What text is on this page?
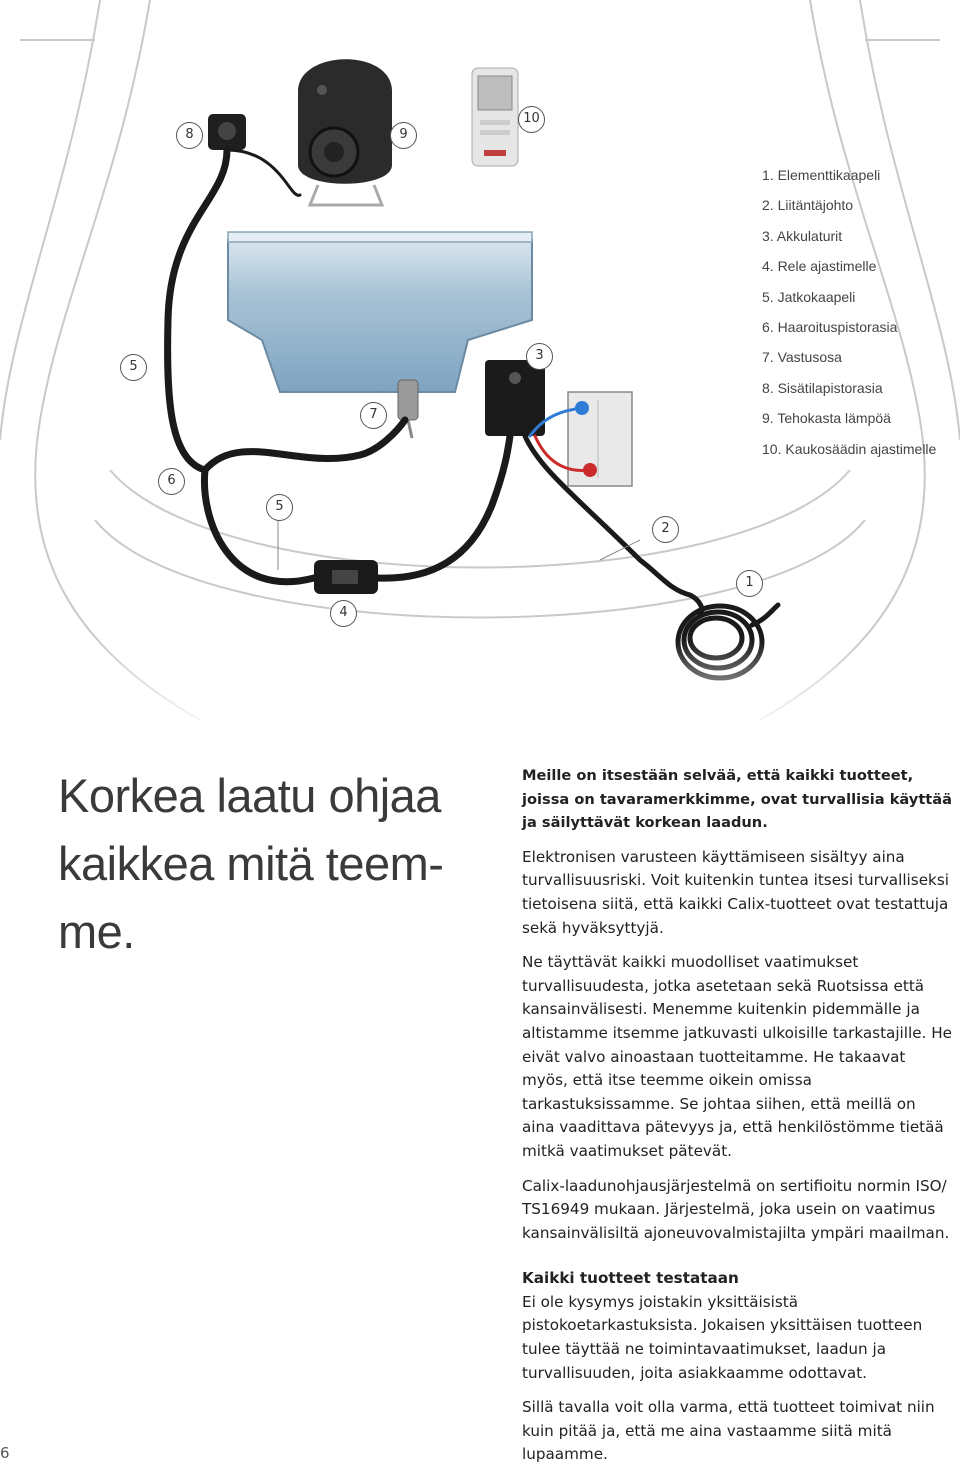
8	9
10
5
3
7
6
5
2
1
4
1. Elementtikaapeli
2. Liitäntäjohto
3. Akkulaturit
4. Rele ajastimelle
5. Jatkokaapeli
6. Haaroituspistorasia
7. Vastusosa
8. Sisätilapistorasia
9. Tehokasta lämpöä
10. Kaukosäädin ajastimelle
Korkea laatu ohjaa kaikkea mitä teem-me.

Meille on itsestään selvää, että kaikki tuotteet, joissa on tavaramerkkimme, ovat turvallisia käyttää ja säilyttävät korkean laadun.

Elektronisen varusteen käyttämiseen sisältyy aina turvallisuusriski. Voit kuitenkin tuntea itsesi turvalliseksi tietoisena siitä, että kaikki Calix-tuotteet ovat testattuja sekä hyväksyttyjä.

Ne täyttävät kaikki muodolliset vaatimukset turvallisuudesta, jotka asetetaan sekä Ruotsissa että kansainvälisesti. Menemme kuitenkin pidemmälle ja altistamme itsemme jatkuvasti ulkoisille tarkastajille. He eivät valvo ainoastaan tuotteitamme. He takaavat myös, että itse teemme oikein omissa tarkastuksissamme. Se johtaa siihen, että meillä on aina vaadittava pätevyys ja, että henkilöstömme tietää mitkä vaatimukset pätevät.

Calix-laadunohjausjärjestelmä on sertifioitu normin ISO/ TS16949 mukaan. Järjestelmä, joka usein on vaatimus kansainvälisiltä ajoneuvovalmistajilta ympäri maailman.

Kaikki tuotteet testataan
Ei ole kysymys joistakin yksittäisistä pistokoetarkastuksista. Jokaisen yksittäisen tuotteen tulee täyttää ne toimintavaatimukset, laadun ja turvallisuuden, joita asiakkaamme odottavat.

Sillä tavalla voit olla varma, että tuotteet toimivat niin kuin pitää ja, että me aina vastaamme siitä mitä lupaamme.

6
